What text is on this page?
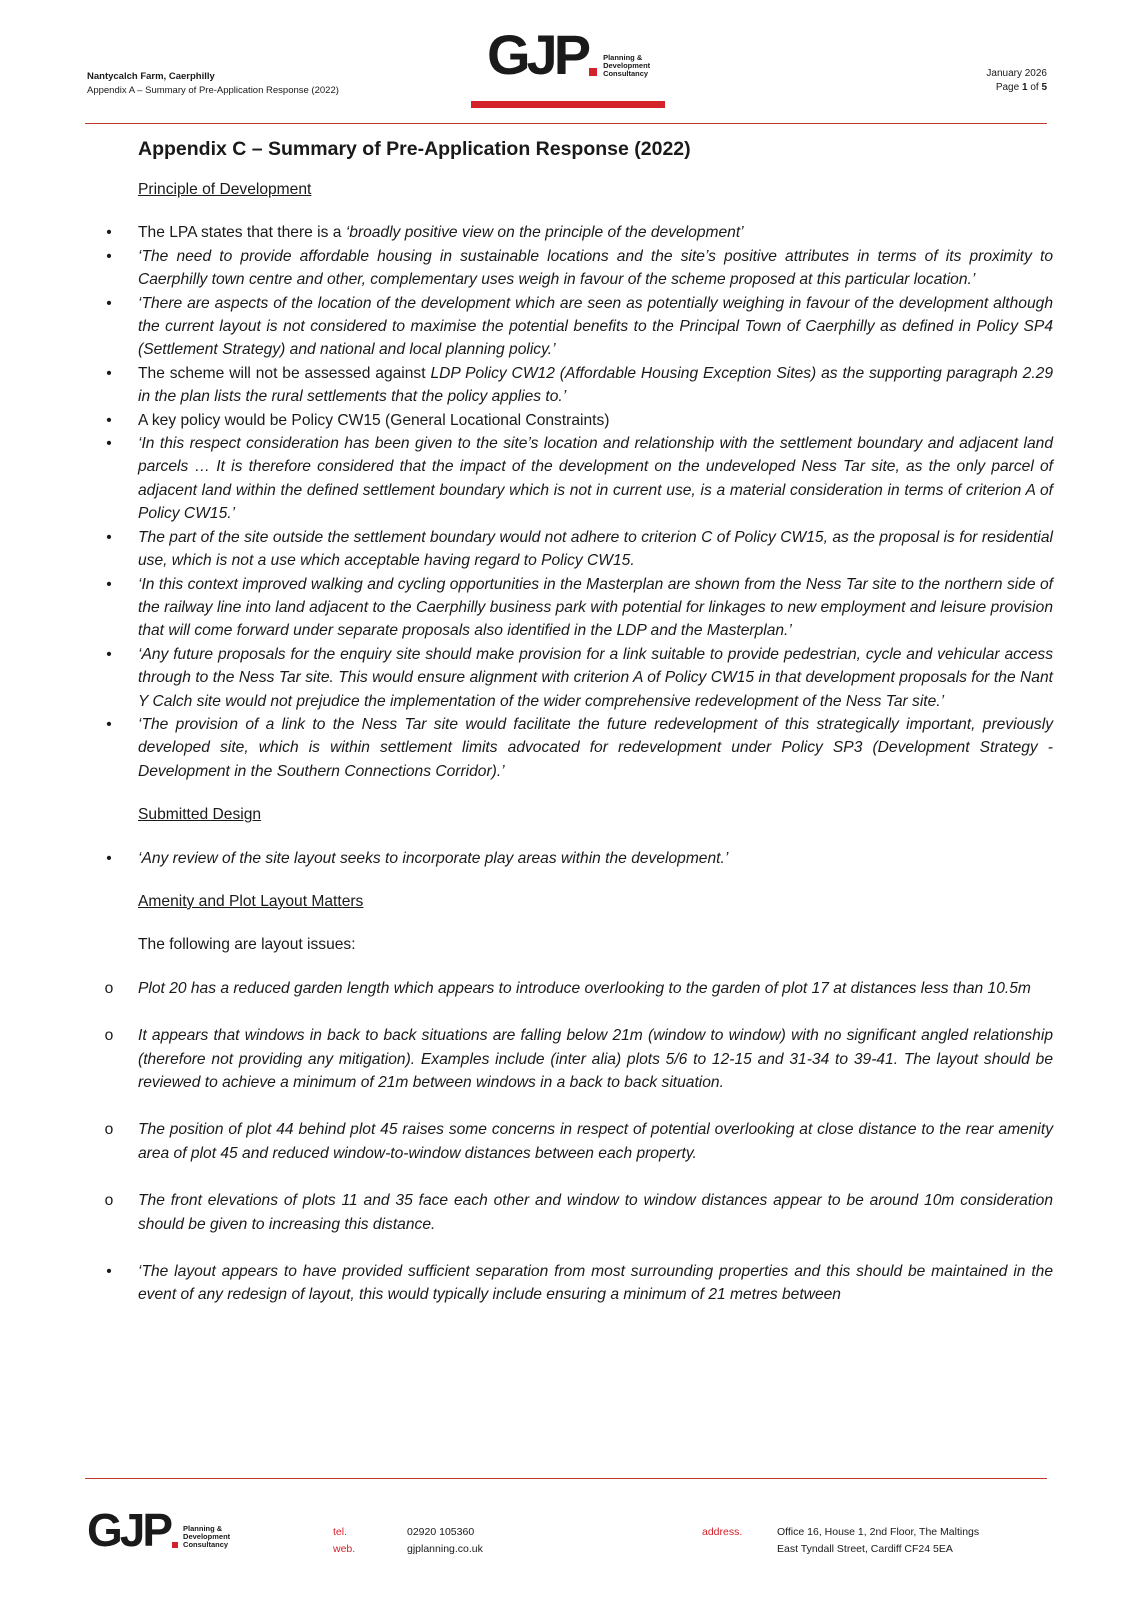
Nantycalch Farm, Caerphilly
Appendix A – Summary of Pre-Application Response (2022)
GJP Planning &
Development
Consultancy	January 2026
Page 1 of 5
Appendix C – Summary of Pre-Application Response (2022)
Principle of Development
• The LPA states that there is a ‘broadly positive view on the principle of the development’
• ‘The need to provide affordable housing in sustainable locations and the site’s positive attributes in terms of its proximity to Caerphilly town centre and other, complementary uses weigh in favour of the scheme proposed at this particular location.’
• ‘There are aspects of the location of the development which are seen as potentially weighing in favour of the development although the current layout is not considered to maximise the potential benefits to the Principal Town of Caerphilly as defined in Policy SP4 (Settlement Strategy) and national and local planning policy.’
• The scheme will not be assessed against LDP Policy CW12 (Affordable Housing Exception Sites) as the supporting paragraph 2.29 in the plan lists the rural settlements that the policy applies to.’
• A key policy would be Policy CW15 (General Locational Constraints)
• ‘In this respect consideration has been given to the site’s location and relationship with the settlement boundary and adjacent land parcels … It is therefore considered that the impact of the development on the undeveloped Ness Tar site, as the only parcel of adjacent land within the defined settlement boundary which is not in current use, is a material consideration in terms of criterion A of Policy CW15.’
• The part of the site outside the settlement boundary would not adhere to criterion C of Policy CW15, as the proposal is for residential use, which is not a use which acceptable having regard to Policy CW15.
• ‘In this context improved walking and cycling opportunities in the Masterplan are shown from the Ness Tar site to the northern side of the railway line into land adjacent to the Caerphilly business park with potential for linkages to new employment and leisure provision that will come forward under separate proposals also identified in the LDP and the Masterplan.’
• ‘Any future proposals for the enquiry site should make provision for a link suitable to provide pedestrian, cycle and vehicular access through to the Ness Tar site. This would ensure alignment with criterion A of Policy CW15 in that development proposals for the Nant Y Calch site would not prejudice the implementation of the wider comprehensive redevelopment of the Ness Tar site.’
• ‘The provision of a link to the Ness Tar site would facilitate the future redevelopment of this strategically important, previously developed site, which is within settlement limits advocated for redevelopment under Policy SP3 (Development Strategy - Development in the Southern Connections Corridor).’
Submitted Design
• ‘Any review of the site layout seeks to incorporate play areas within the development.’
Amenity and Plot Layout Matters
The following are layout issues:
o Plot 20 has a reduced garden length which appears to introduce overlooking to the garden of plot 17 at distances less than 10.5m
o It appears that windows in back to back situations are falling below 21m (window to window) with no significant angled relationship (therefore not providing any mitigation). Examples include (inter alia) plots 5/6 to 12-15 and 31-34 to 39-41. The layout should be reviewed to achieve a minimum of 21m between windows in a back to back situation.
o The position of plot 44 behind plot 45 raises some concerns in respect of potential overlooking at close distance to the rear amenity area of plot 45 and reduced window-to-window distances between each property.
o The front elevations of plots 11 and 35 face each other and window to window distances appear to be around 10m consideration should be given to increasing this distance.
• ‘The layout appears to have provided sufficient separation from most surrounding properties and this should be maintained in the event of any redesign of layout, this would typically include ensuring a minimum of 21 metres between
GJP Planning &
Development
Consultancy
tel.	02920 105360
web.	gjplanning.co.uk
address.	Office 16, House 1, 2nd Floor, The Maltings
East Tyndall Street, Cardiff CF24 5EA
